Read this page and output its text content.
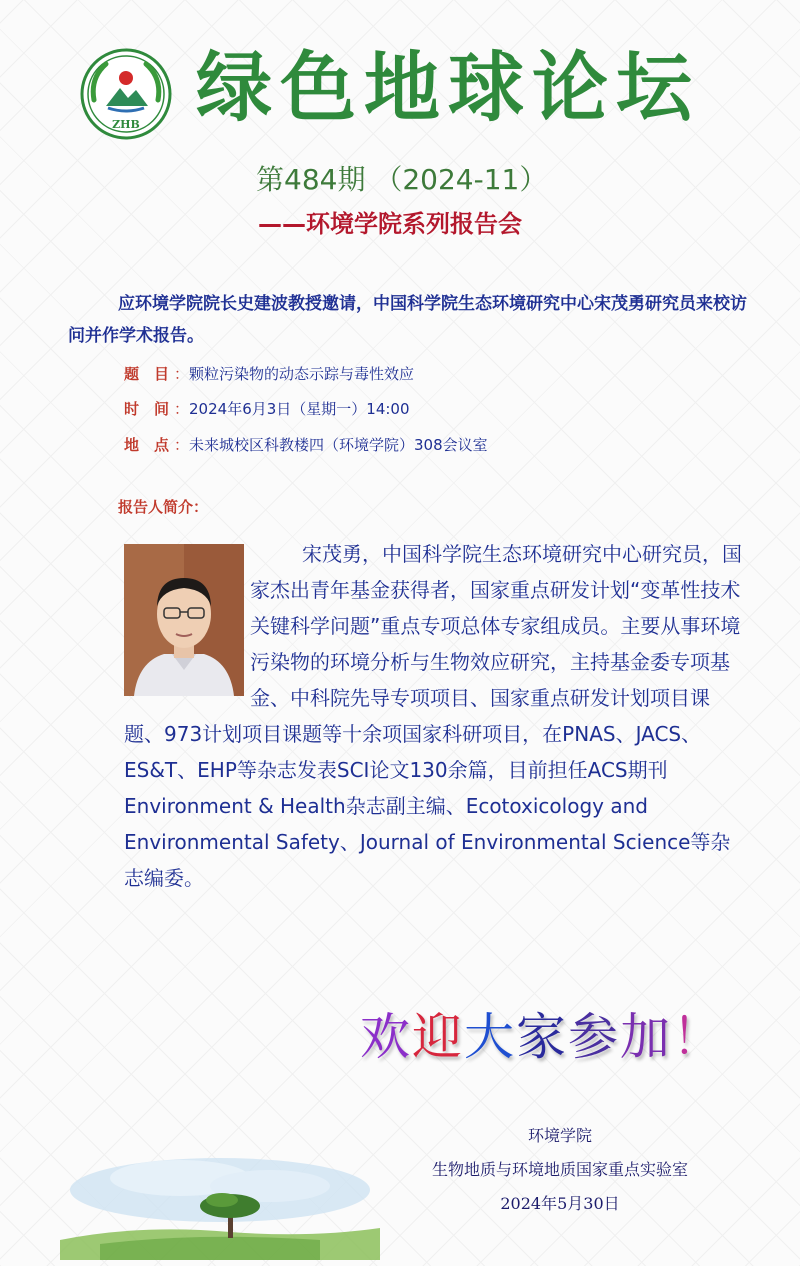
ZHB 绿色地球论坛
第484期 （2024-11）
——环境学院系列报告会
应环境学院院长史建波教授邀请，中国科学院生态环境研究中心宋茂勇研究员来校访问并作学术报告。
题　目 ：颗粒污染物的动态示踪与毒性效应
时　间 ：2024年6月3日（星期一）14:00
地　点 ：未来城校区科教楼四（环境学院）308会议室
报告人简介：
宋茂勇，中国科学院生态环境研究中心研究员，国家杰出青年基金获得者，国家重点研发计划“变革性技术关键科学问题”重点专项总体专家组成员。主要从事环境污染物的环境分析与生物效应研究，主持基金委专项基金、中科院先导专项项目、国家重点研发计划项目课题、973计划项目课题等十余项国家科研项目，在PNAS、JACS、ES&T、EHP等杂志发表SCI论文130余篇，目前担任ACS期刊Environment & Health杂志副主编、Ecotoxicology and Environmental Safety、Journal of Environmental Science等杂志编委。
欢迎大家参加！
环境学院
生物地质与环境地质国家重点实验室
2024年5月30日
